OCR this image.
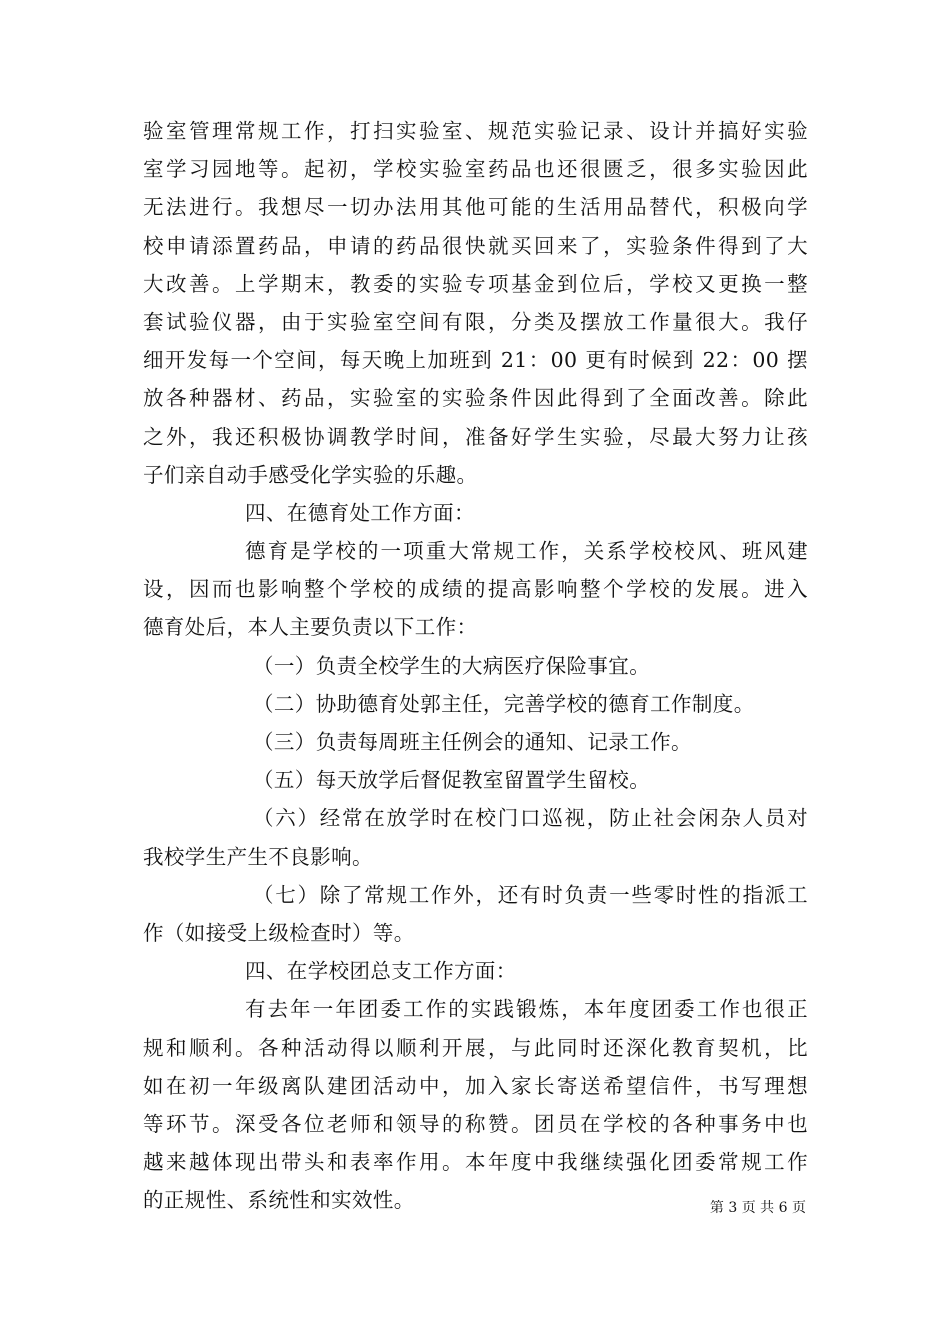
验室管理常规工作，打扫实验室、规范实验记录、设计并搞好实验
室学习园地等。起初，学校实验室药品也还很匮乏，很多实验因此
无法进行。我想尽一切办法用其他可能的生活用品替代，积极向学
校申请添置药品，申请的药品很快就买回来了，实验条件得到了大
大改善。上学期末，教委的实验专项基金到位后，学校又更换一整
套试验仪器，由于实验室空间有限，分类及摆放工作量很大。我仔
细开发每一个空间，每天晚上加班到 21：00 更有时候到 22：00 摆
放各种器材、药品，实验室的实验条件因此得到了全面改善。除此
之外，我还积极协调教学时间，准备好学生实验，尽最大努力让孩
子们亲自动手感受化学实验的乐趣。
四、在德育处工作方面：
德育是学校的一项重大常规工作，关系学校校风、班风建
设，因而也影响整个学校的成绩的提高影响整个学校的发展。进入
德育处后，本人主要负责以下工作：
（一）负责全校学生的大病医疗保险事宜。
（二）协助德育处郭主任，完善学校的德育工作制度。
（三）负责每周班主任例会的通知、记录工作。
（五）每天放学后督促教室留置学生留校。
（六）经常在放学时在校门口巡视，防止社会闲杂人员对
我校学生产生不良影响。
（七）除了常规工作外，还有时负责一些零时性的指派工
作（如接受上级检查时）等。
四、在学校团总支工作方面：
有去年一年团委工作的实践锻炼，本年度团委工作也很正
规和顺利。各种活动得以顺利开展，与此同时还深化教育契机，比
如在初一年级离队建团活动中，加入家长寄送希望信件，书写理想
等环节。深受各位老师和领导的称赞。团员在学校的各种事务中也
越来越体现出带头和表率作用。本年度中我继续强化团委常规工作
的正规性、系统性和实效性。	第 3 页 共 6 页
